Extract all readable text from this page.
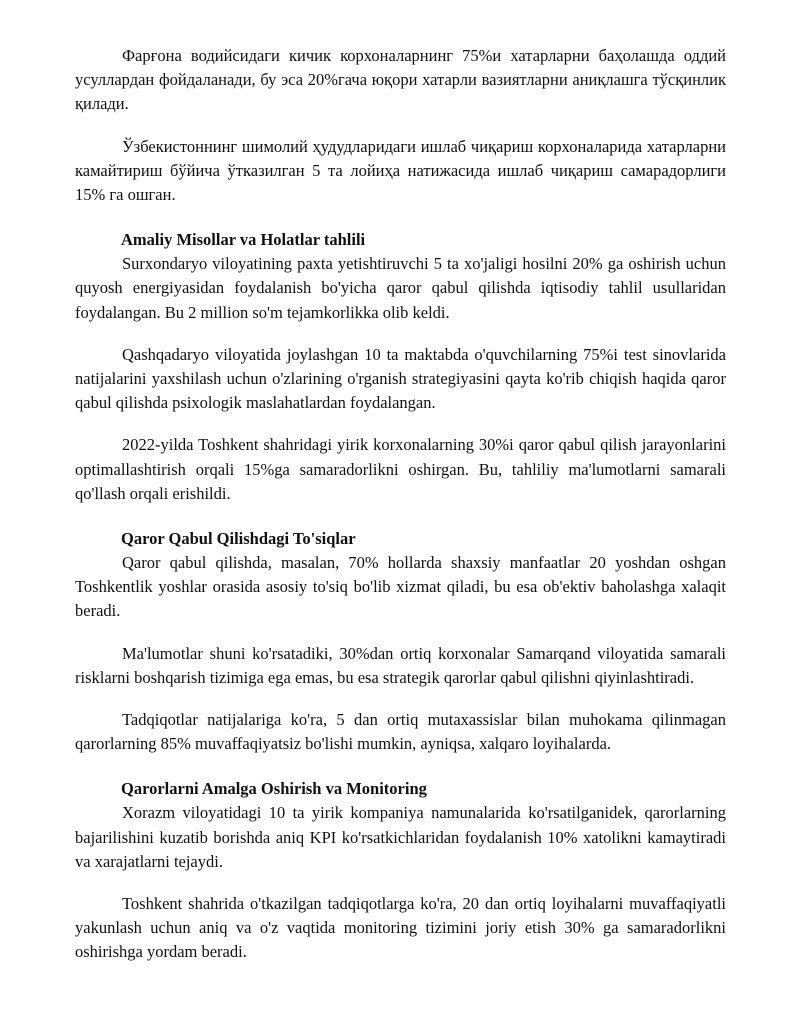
Фарғона водийсидаги кичик корхоналарнинг 75%и хатарларни баҳолашда оддий усуллардан фойдаланади, бу эса 20%гача юқори хатарли вазиятларни аниқлашга тўсқинлик қилади.

Ўзбекистоннинг шимолий ҳудудларидаги ишлаб чиқариш корхоналарида хатарларни камайтириш бўйича ўтказилган 5 та лойиҳа натижасида ишлаб чиқариш самарадорлиги 15% га ошган.

Amaliy Misollar va Holatlar tahlili

Surxondaryo viloyatining paxta yetishtiruvchi 5 ta xo'jaligi hosilni 20% ga oshirish uchun quyosh energiyasidan foydalanish bo'yicha qaror qabul qilishda iqtisodiy tahlil usullaridan foydalangan. Bu 2 million so'm tejamkorlikka olib keldi.

Qashqadaryo viloyatida joylashgan 10 ta maktabda o'quvchilarning 75%i test sinovlarida natijalarini yaxshilash uchun o'zlarining o'rganish strategiyasini qayta ko'rib chiqish haqida qaror qabul qilishda psixologik maslahatlardan foydalangan.

2022-yilda Toshkent shahridagi yirik korxonalarning 30%i qaror qabul qilish jarayonlarini optimallashtirish orqali 15%ga samaradorlikni oshirgan. Bu, tahliliy ma'lumotlarni samarali qo'llash orqali erishildi.

Qaror Qabul Qilishdagi To'siqlar

Qaror qabul qilishda, masalan, 70% hollarda shaxsiy manfaatlar 20 yoshdan oshgan Toshkentlik yoshlar orasida asosiy to'siq bo'lib xizmat qiladi, bu esa ob'ektiv baholashga xalaqit beradi.

Ma'lumotlar shuni ko'rsatadiki, 30%dan ortiq korxonalar Samarqand viloyatida samarali risklarni boshqarish tizimiga ega emas, bu esa strategik qarorlar qabul qilishni qiyinlashtiradi.

Tadqiqotlar natijalariga ko'ra, 5 dan ortiq mutaxassislar bilan muhokama qilinmagan qarorlarning 85% muvaffaqiyatsiz bo'lishi mumkin, ayniqsa, xalqaro loyihalarda.

Qarorlarni Amalga Oshirish va Monitoring

Xorazm viloyatidagi 10 ta yirik kompaniya namunalarida ko'rsatilganidek, qarorlarning bajarilishini kuzatib borishda aniq KPI ko'rsatkichlaridan foydalanish 10% xatolikni kamaytiradi va xarajatlarni tejaydi.

Toshkent shahrida o'tkazilgan tadqiqotlarga ko'ra, 20 dan ortiq loyihalarni muvaffaqiyatli yakunlash uchun aniq va o'z vaqtida monitoring tizimini joriy etish 30% ga samaradorlikni oshirishga yordam beradi.
